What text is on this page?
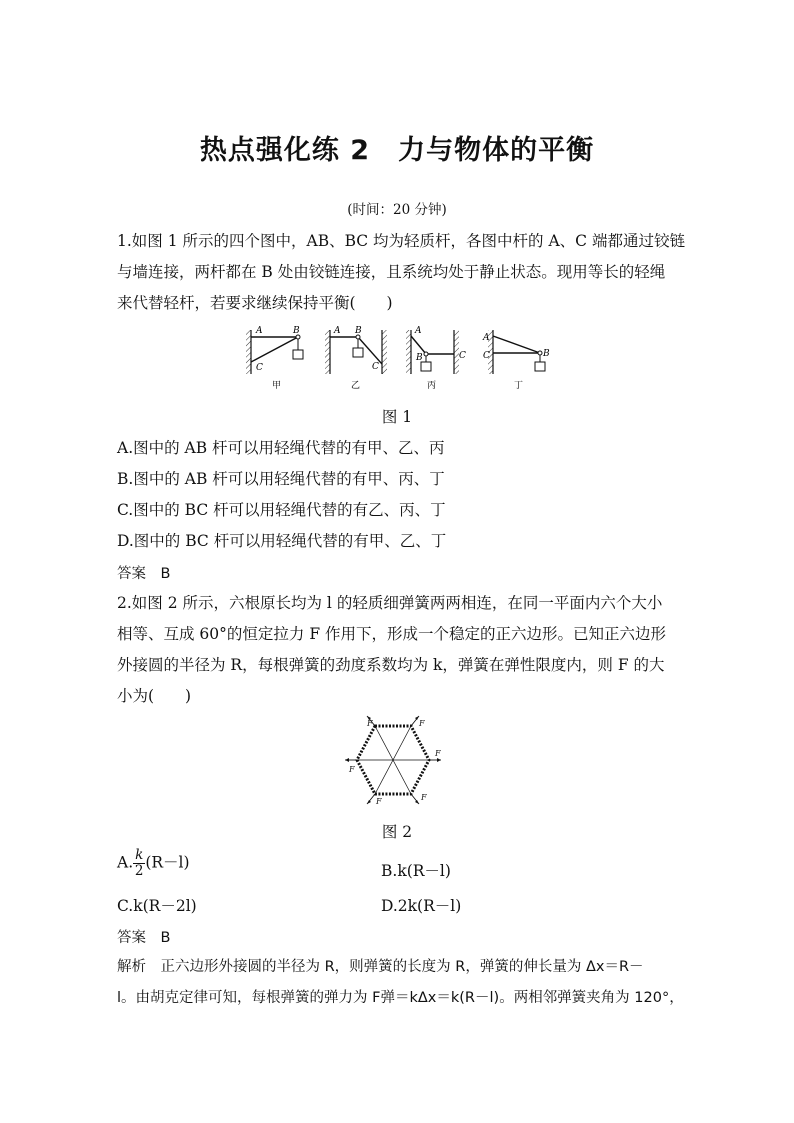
热点强化练 2　力与物体的平衡
(时间：20 分钟)
1.如图 1 所示的四个图中，AB、BC 均为轻质杆，各图中杆的 A、C 端都通过铰链
与墙连接，两杆都在 B 处由铰链连接，且系统均处于静止状态。现用等长的轻绳
来代替轻杆，若要求继续保持平衡(　　)
A	B
C
甲
A B
C
乙
A
B	C
丙
A
B
C
丁
图 1
A.图中的 AB 杆可以用轻绳代替的有甲、乙、丙
B.图中的 AB 杆可以用轻绳代替的有甲、丙、丁
C.图中的 BC 杆可以用轻绳代替的有乙、丙、丁
D.图中的 BC 杆可以用轻绳代替的有甲、乙、丁
答案　B
2.如图 2 所示，六根原长均为 l 的轻质细弹簧两两相连，在同一平面内六个大小
相等、互成 60°的恒定拉力 F 作用下，形成一个稳定的正六边形。已知正六边形
外接圆的半径为 R，每根弹簧的劲度系数均为 k，弹簧在弹性限度内，则 F 的大
小为(　　)
F	F
F
F
F	F
图 2
A. $\frac{k}{2} (R-l)$	B.k(R－l)
C.k(R－2l)	D.2k(R－l)
答案　B
解析　正六边形外接圆的半径为 R，则弹簧的长度为 R，弹簧的伸长量为 Δx＝R－
l。由胡克定律可知，每根弹簧的弹力为 F弹＝kΔx＝k(R－l)。两相邻弹簧夹角为 120°，
